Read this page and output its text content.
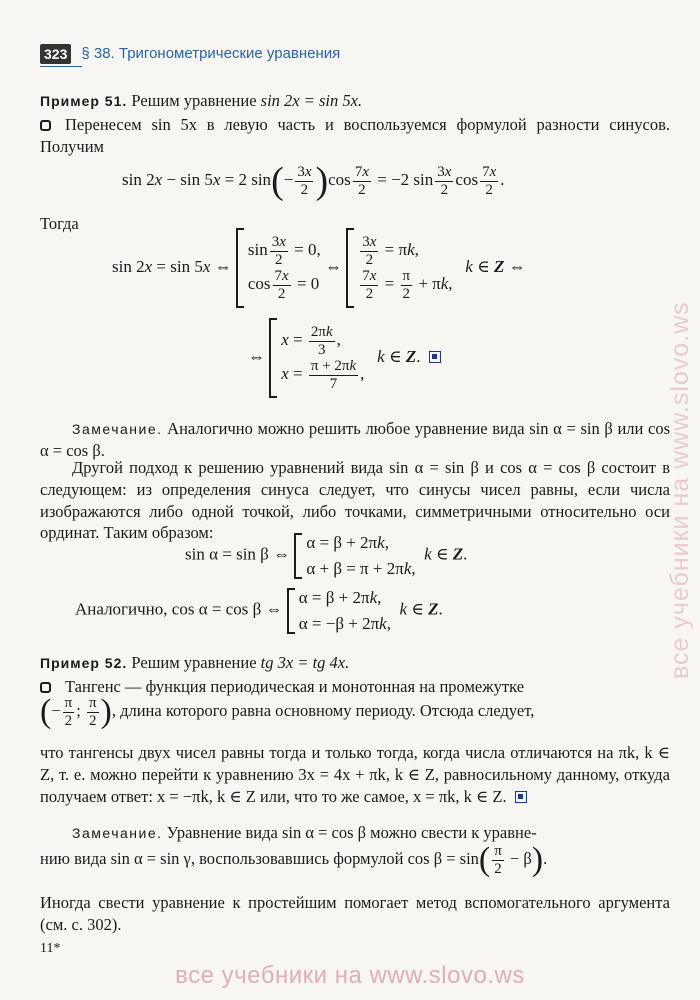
323 § 38. Тригонометрические уравнения
Пример 51. Решим уравнение sin 2x = sin 5x.
Перенесем sin 5x в левую часть и воспользуемся формулой разности синусов. Получим
sin 2x − sin 5x = 2 $\sin(- \frac{3x}{2} )\cos \frac{7x}{2} = -2$ $\sin \frac{3x}{2}$ $\cos \frac{7x}{2}$ .
Тогда
sin 2x = sin 5x ⇔
$\sin \frac{3x}{2} = 0$,
$\cos \frac{7x}{2} = 0$
⇔ $\frac{3x}{2} = \pi k$,
$\frac{7x}{2} = \frac{\pi}{2} + \pi k$,
k ∈ Z ⇔
⇔
$x = \frac{2\pi k}{3}$ ,
$x = \frac{\pi + 2\pi k}{7}$ ,
k ∈ Z.
Замечание. Аналогично можно решить любое уравнение вида sin α = sin β или cos α = cos β.
Другой подход к решению уравнений вида sin α = sin β и cos α = cos β состоит в следующем: из определения синуса следует, что синусы чисел равны, если числа изображаются либо одной точкой, либо точками, симметричными относительно оси ординат. Таким образом:
sin α = sin β ⇔
α = β + 2πk,
α + β = π + 2πk,
k ∈ Z.
Аналогично, cos α = cos β ⇔
α = β + 2πk,
α = −β + 2πk,
k ∈ Z.
Пример 52. Решим уравнение tg 3x = tg 4x.
Тангенс — функция периодическая и монотонная на промежутке
(− $\frac{\pi}{2}$ ; $\frac{\pi}{2}$ ), длина которого равна основному периоду. Отсюда следует,
что тангенсы двух чисел равны тогда и только тогда, когда числа отличаются на πk, k ∈ Z, т. е. можно перейти к уравнению 3x = 4x + πk, k ∈ Z, равносильному данному, откуда получаем ответ: x = −πk, k ∈ Z или, что то же самое, x = πk, k ∈ Z.
Замечание. Уравнение вида sin α = cos β можно свести к уравне-
нию вида sin α = sin γ, воспользовавшись формулой $\cos \beta = \sin( \frac{\pi}{2} - \beta)$.
Иногда свести уравнение к простейшим помогает метод вспомогательного аргумента (см. с. 302).
11*
все учебники на www.slovo.ws
все учебники на www.slovo.ws
